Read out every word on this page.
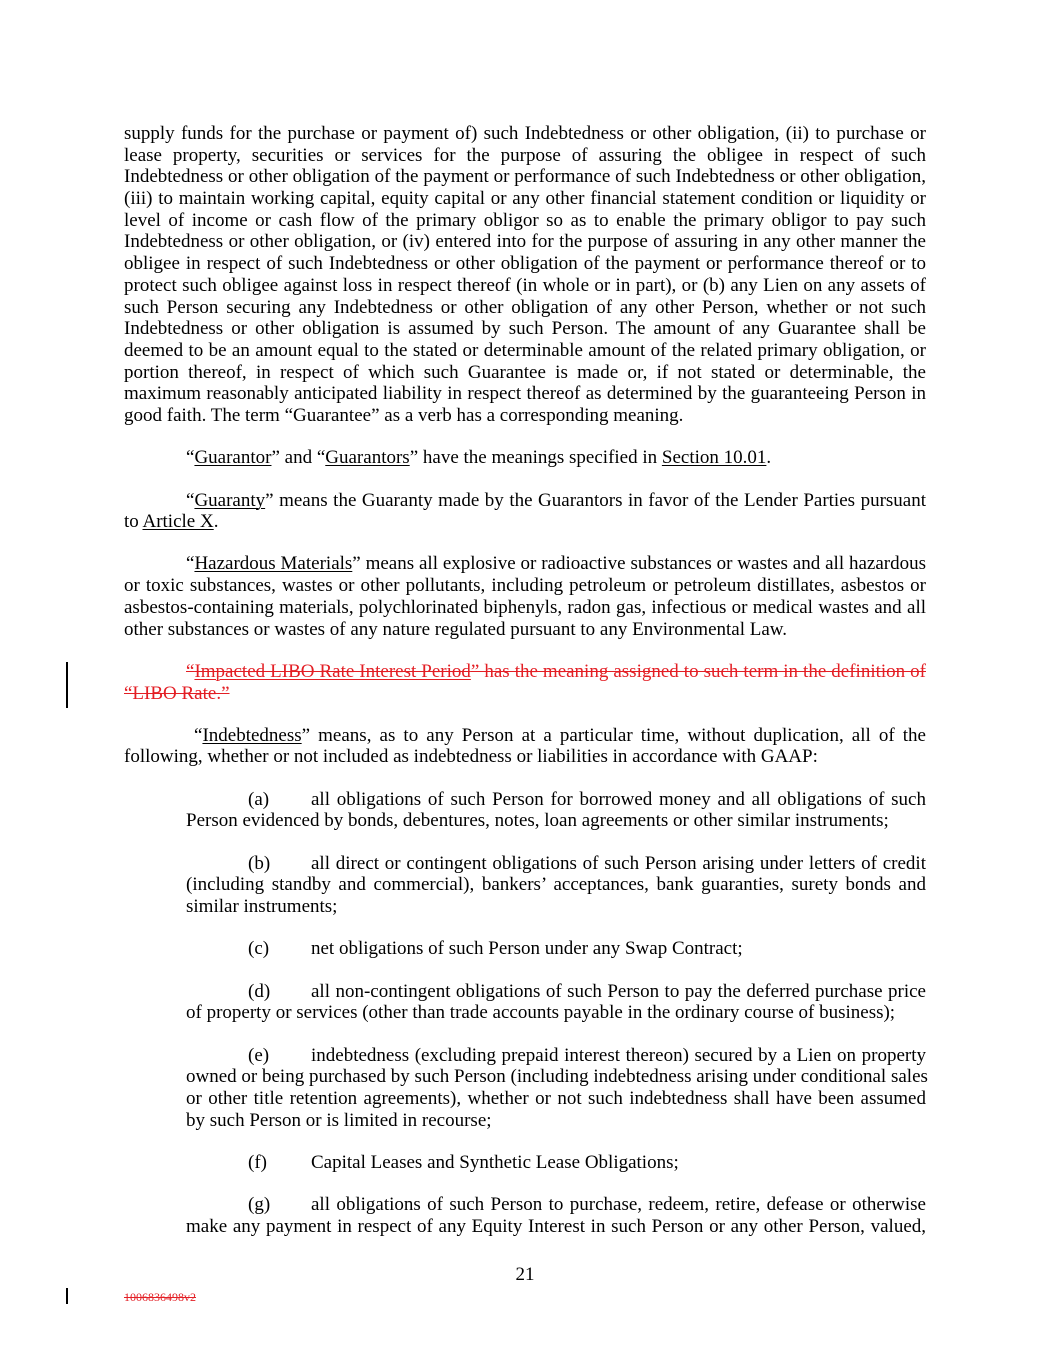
supply funds for the purchase or payment of) such Indebtedness or other obligation, (ii) to purchase or
lease property, securities or services for the purpose of assuring the obligee in respect of such
Indebtedness or other obligation of the payment or performance of such Indebtedness or other obligation,
(iii) to maintain working capital, equity capital or any other financial statement condition or liquidity or
level of income or cash flow of the primary obligor so as to enable the primary obligor to pay such
Indebtedness or other obligation, or (iv) entered into for the purpose of assuring in any other manner the
obligee in respect of such Indebtedness or other obligation of the payment or performance thereof or to
protect such obligee against loss in respect thereof (in whole or in part), or (b) any Lien on any assets of
such Person securing any Indebtedness or other obligation of any other Person, whether or not such
Indebtedness or other obligation is assumed by such Person. The amount of any Guarantee shall be
deemed to be an amount equal to the stated or determinable amount of the related primary obligation, or
portion thereof, in respect of which such Guarantee is made or, if not stated or determinable, the
maximum reasonably anticipated liability in respect thereof as determined by the guaranteeing Person in
good faith. The term “Guarantee” as a verb has a corresponding meaning.
“Guarantor” and “Guarantors” have the meanings specified in Section 10.01.
“Guaranty” means the Guaranty made by the Guarantors in favor of the Lender Parties pursuant
to Article X.
“Hazardous Materials” means all explosive or radioactive substances or wastes and all hazardous
or toxic substances, wastes or other pollutants, including petroleum or petroleum distillates, asbestos or
asbestos-containing materials, polychlorinated biphenyls, radon gas, infectious or medical wastes and all
other substances or wastes of any nature regulated pursuant to any Environmental Law.
“Impacted LIBO Rate Interest Period” has the meaning assigned to such term in the definition of
“LIBO Rate.”
“Indebtedness” means, as to any Person at a particular time, without duplication, all of the
following, whether or not included as indebtedness or liabilities in accordance with GAAP:
(a) all obligations of such Person for borrowed money and all obligations of such
Person evidenced by bonds, debentures, notes, loan agreements or other similar instruments;
(b) all direct or contingent obligations of such Person arising under letters of credit
(including standby and commercial), bankers’ acceptances, bank guaranties, surety bonds and
similar instruments;
(c) net obligations of such Person under any Swap Contract;
(d) all non-contingent obligations of such Person to pay the deferred purchase price
of property or services (other than trade accounts payable in the ordinary course of business);
(e) indebtedness (excluding prepaid interest thereon) secured by a Lien on property
owned or being purchased by such Person (including indebtedness arising under conditional sales
or other title retention agreements), whether or not such indebtedness shall have been assumed
by such Person or is limited in recourse;
(f) Capital Leases and Synthetic Lease Obligations;
(g) all obligations of such Person to purchase, redeem, retire, defease or otherwise
make any payment in respect of any Equity Interest in such Person or any other Person, valued,
21
1006836498v2
